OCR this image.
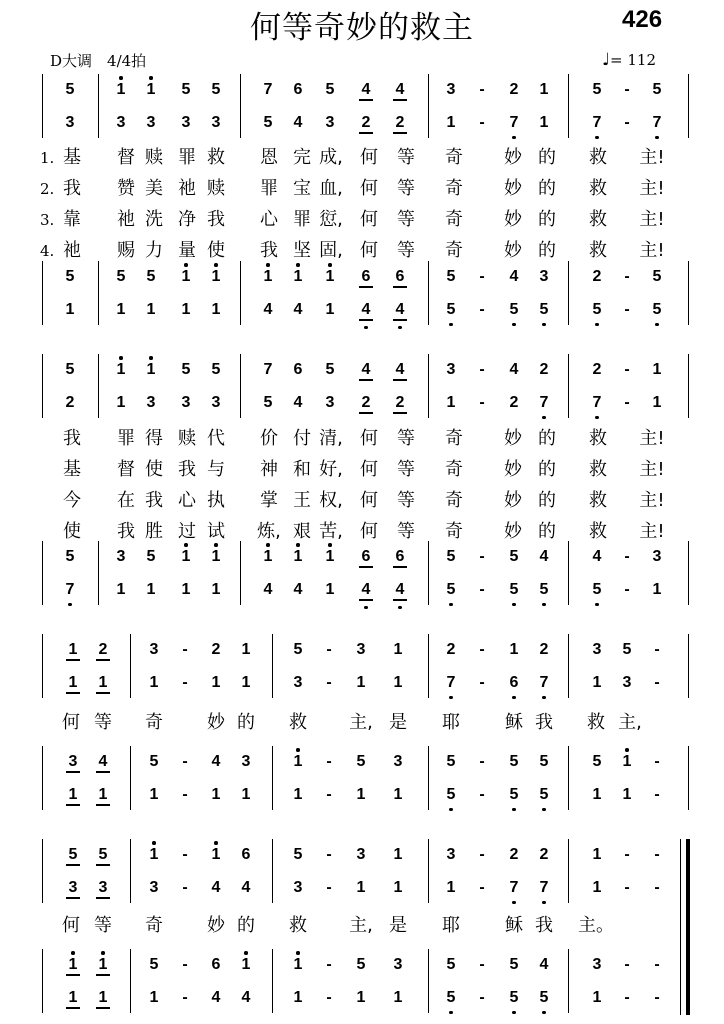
何等奇妙的救主	426
D大调　4/4拍	♩= 112
5	1	1	5	5	7	6	5	4	4	3	-	2	1	5	-	5
3	3	3	3	3	5	4	3	2	2	1	-	7	1	7	-	7
1. 基	督 赎 罪 救	恩 完 成, 何	等	奇	妙 的	救	主!
2. 我	赞 美 祂 赎	罪 宝 血, 何	等	奇	妙 的	救	主!
3. 靠	祂 洗 净 我	心 罪 愆, 何	等	奇	妙 的	救	主!
4. 祂	赐 力 量 使	我 坚 固, 何	等	奇	妙 的	救	主!
5	5	5	1	1	1	1	1	6	6	5	-	4	3	2	-	5
1	1	1	1	1	4	4	1	4	4	5	-	5	5	5	-	5
5	1	1	5	5	7	6	5	4	4	3	-	4	2	2	-	1
2	1	3	3	3	5	4	3	2	2	1	-	2	7	7	-	1
我	罪 得 赎 代	价 付 清, 何	等	奇	妙 的	救	主!
基	督 使 我 与	神 和 好, 何	等	奇	妙 的	救	主!
今	在 我 心 执	掌 王 权, 何	等	奇	妙 的	救	主!
使	我 胜 过 试	炼, 艰 苦, 何	等	奇	妙 的	救	主!
5	3	5	1	1	1	1	1	6	6	5	-	5	4	4	-	3
7	1	1	1	1	4	4	1	4	4	5	-	5	5	5	-	1
1	2	3	-	2	1	5	-	3	1	2	-	1	2	3	5	-
1	1	1	-	1	1	3	-	1	1	7	-	6	7	1	3	-
何 等	奇	妙 的	救	主, 是	耶	稣 我	救 主,
3	4	5	-	4	3	1	-	5	3	5	-	5	5	5	1	-
1	1	1	-	1	1	1	-	1	1	5	-	5	5	1	1	-
5	5	1	-	1	6	5	-	3	1	3	-	2	2	1	-	-
3	3	3	-	4	4	3	-	1	1	1	-	7	7	1	-	-
何 等	奇	妙 的	救	主, 是	耶	稣 我	主。
1	1	5	-	6	1	1	-	5	3	5	-	5	4	3	-	-
1	1	1	-	4	4	1	-	1	1	5	-	5	5	1	-	-
